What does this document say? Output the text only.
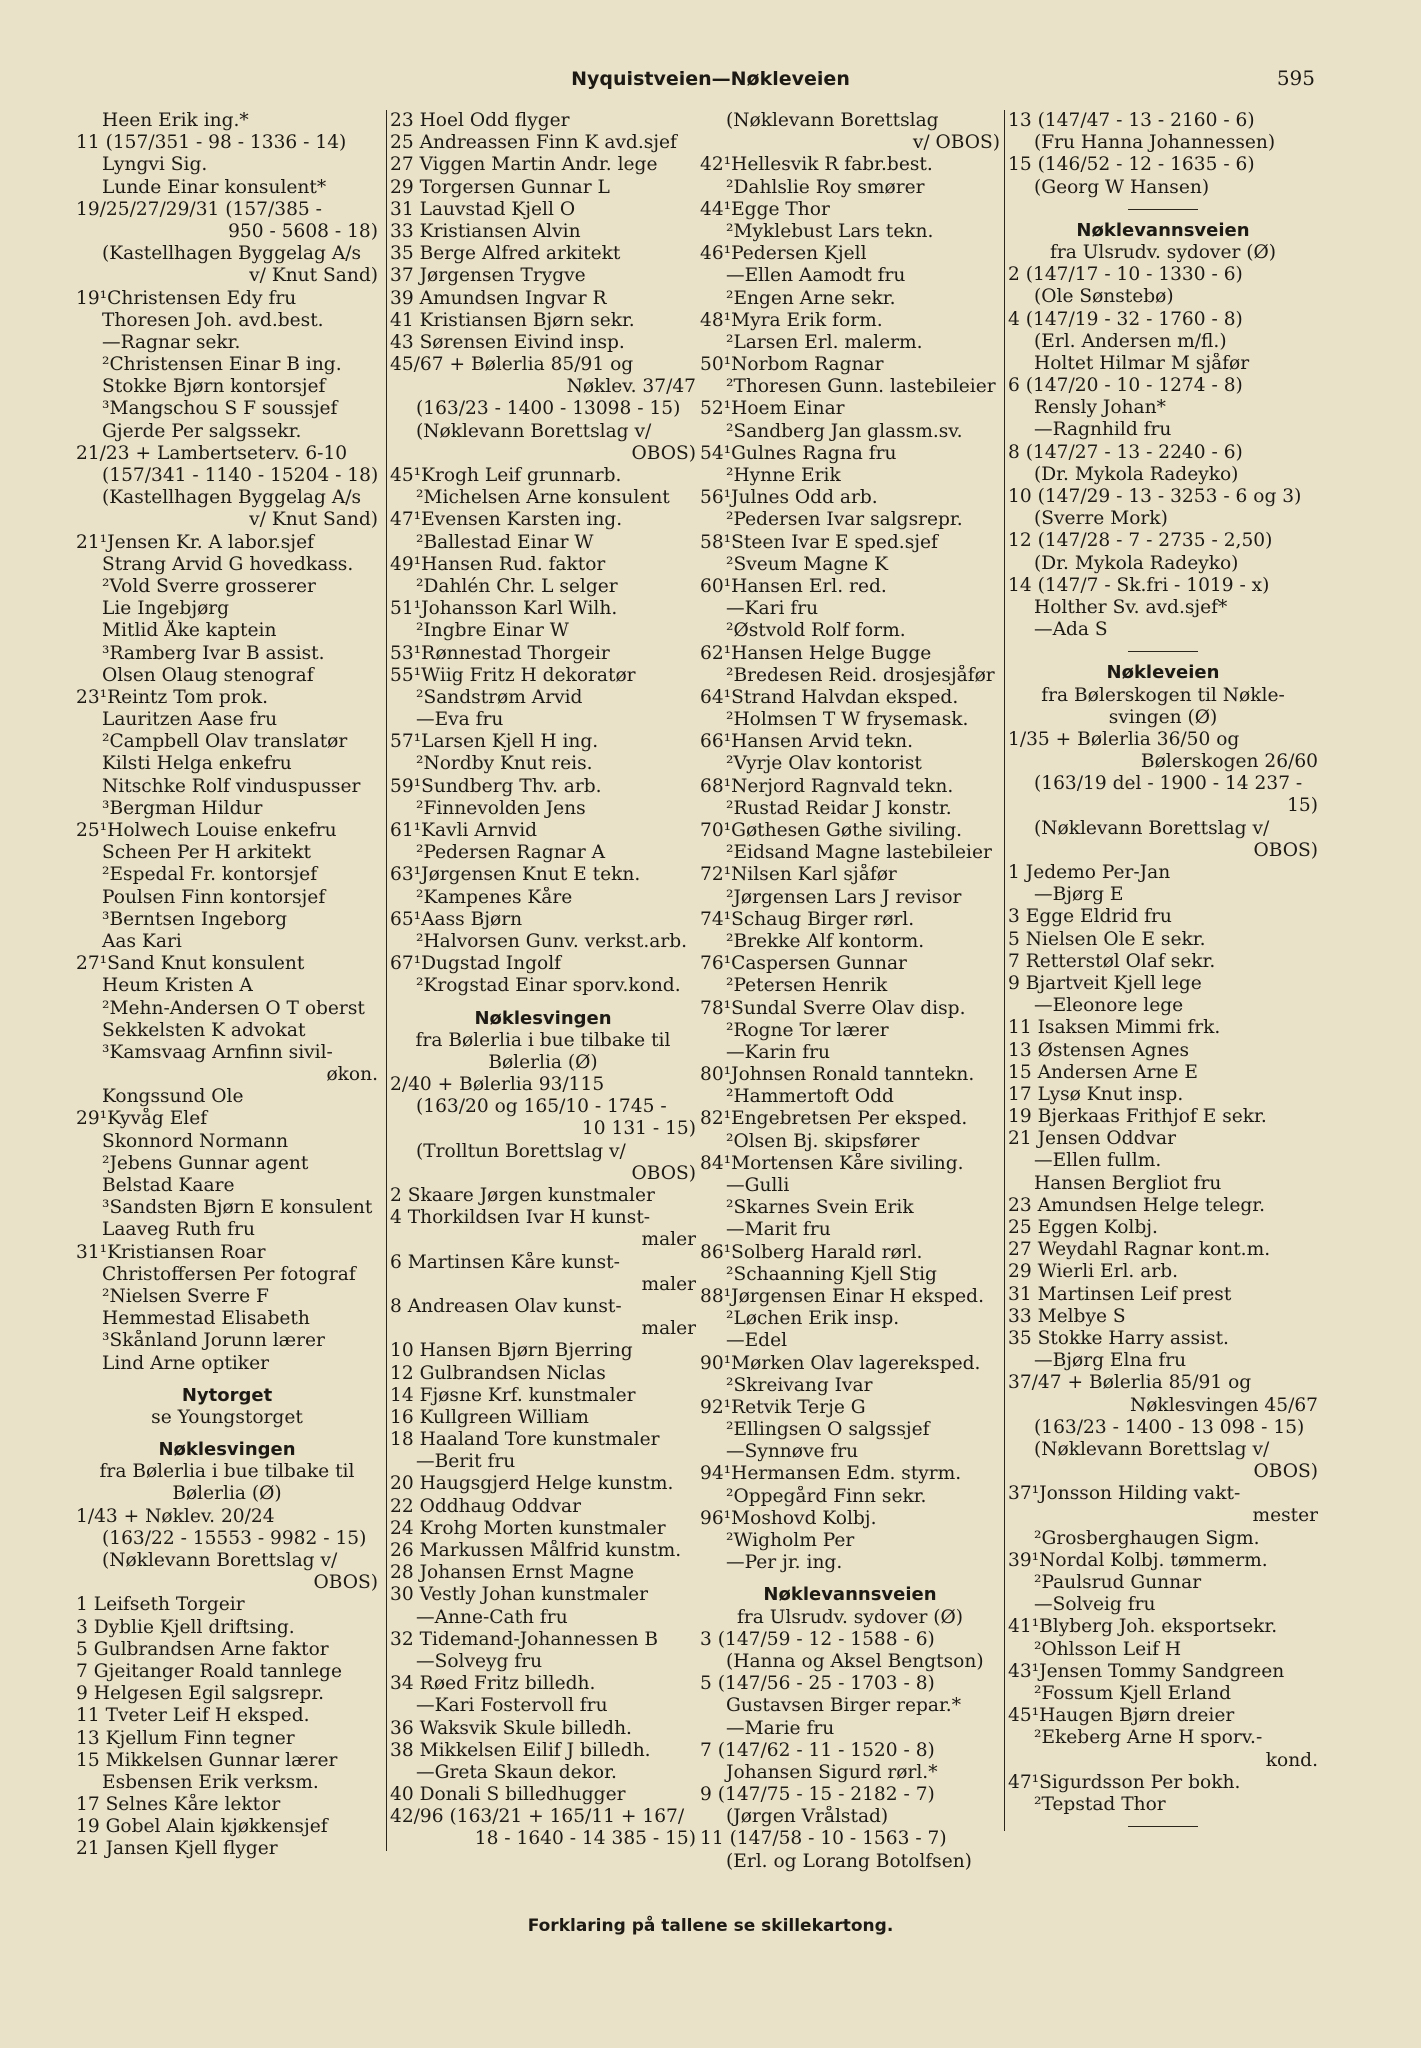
Nyquistveien—Nøkleveien	595
Heen Erik ing.*
11 (157/351 - 98 - 1336 - 14)
Lyngvi Sig.
Lunde Einar konsulent*
19/25/27/29/31 (157/385 -
950 - 5608 - 18)
(Kastellhagen Byggelag A/s
v/ Knut Sand)
19¹Christensen Edy fru
Thoresen Joh. avd.best.
—Ragnar sekr.
²Christensen Einar B ing.
Stokke Bjørn kontorsjef
³Mangschou S F soussjef
Gjerde Per salgssekr.
21/23 + Lambertseterv. 6-10
(157/341 - 1140 - 15204 - 18)
(Kastellhagen Byggelag A/s
v/ Knut Sand)
21¹Jensen Kr. A labor.sjef
Strang Arvid G hovedkass.
²Vold Sverre grosserer
Lie Ingebjørg
Mitlid Åke kaptein
³Ramberg Ivar B assist.
Olsen Olaug stenograf
23¹Reintz Tom prok.
Lauritzen Aase fru
²Campbell Olav translatør
Kilsti Helga enkefru
Nitschke Rolf vinduspusser
³Bergman Hildur
25¹Holwech Louise enkefru
Scheen Per H arkitekt
²Espedal Fr. kontorsjef
Poulsen Finn kontorsjef
³Berntsen Ingeborg
Aas Kari
27¹Sand Knut konsulent
Heum Kristen A
²Mehn-Andersen O T oberst
Sekkelsten K advokat
³Kamsvaag Arnfinn sivil-
økon.
Kongssund Ole
29¹Kyvåg Elef
Skonnord Normann
²Jebens Gunnar agent
Belstad Kaare
³Sandsten Bjørn E konsulent
Laaveg Ruth fru
31¹Kristiansen Roar
Christoffersen Per fotograf
²Nielsen Sverre F
Hemmestad Elisabeth
³Skånland Jorunn lærer
Lind Arne optiker
Nytorget
se Youngstorget
Nøklesvingen
fra Bølerlia i bue tilbake til
Bølerlia (Ø)
1/43 + Nøklev. 20/24
(163/22 - 15553 - 9982 - 15)
(Nøklevann Borettslag v/
OBOS)
1 Leifseth Torgeir
3 Dyblie Kjell driftsing.
5 Gulbrandsen Arne faktor
7 Gjeitanger Roald tannlege
9 Helgesen Egil salgsrepr.
11 Tveter Leif H eksped.
13 Kjellum Finn tegner
15 Mikkelsen Gunnar lærer
Esbensen Erik verksm.
17 Selnes Kåre lektor
19 Gobel Alain kjøkkensjef
21 Jansen Kjell flyger
23 Hoel Odd flyger
25 Andreassen Finn K avd.sjef
27 Viggen Martin Andr. lege
29 Torgersen Gunnar L
31 Lauvstad Kjell O
33 Kristiansen Alvin
35 Berge Alfred arkitekt
37 Jørgensen Trygve
39 Amundsen Ingvar R
41 Kristiansen Bjørn sekr.
43 Sørensen Eivind insp.
45/67 + Bølerlia 85/91 og
Nøklev. 37/47
(163/23 - 1400 - 13098 - 15)
(Nøklevann Borettslag v/
OBOS)
45¹Krogh Leif grunnarb.
²Michelsen Arne konsulent
47¹Evensen Karsten ing.
²Ballestad Einar W
49¹Hansen Rud. faktor
²Dahlén Chr. L selger
51¹Johansson Karl Wilh.
²Ingbre Einar W
53¹Rønnestad Thorgeir
55¹Wiig Fritz H dekoratør
²Sandstrøm Arvid
—Eva fru
57¹Larsen Kjell H ing.
²Nordby Knut reis.
59¹Sundberg Thv. arb.
²Finnevolden Jens
61¹Kavli Arnvid
²Pedersen Ragnar A
63¹Jørgensen Knut E tekn.
²Kampenes Kåre
65¹Aass Bjørn
²Halvorsen Gunv. verkst.arb.
67¹Dugstad Ingolf
²Krogstad Einar sporv.kond.
Nøklesvingen
fra Bølerlia i bue tilbake til
Bølerlia (Ø)
2/40 + Bølerlia 93/115
(163/20 og 165/10 - 1745 -
10 131 - 15)
(Trolltun Borettslag v/
OBOS)
2 Skaare Jørgen kunstmaler
4 Thorkildsen Ivar H kunst-
maler
6 Martinsen Kåre kunst-
maler
8 Andreasen Olav kunst-
maler
10 Hansen Bjørn Bjerring
12 Gulbrandsen Niclas
14 Fjøsne Krf. kunstmaler
16 Kullgreen William
18 Haaland Tore kunstmaler
—Berit fru
20 Haugsgjerd Helge kunstm.
22 Oddhaug Oddvar
24 Krohg Morten kunstmaler
26 Markussen Målfrid kunstm.
28 Johansen Ernst Magne
30 Vestly Johan kunstmaler
—Anne-Cath fru
32 Tidemand-Johannessen B
—Solveyg fru
34 Røed Fritz billedh.
—Kari Fostervoll fru
36 Waksvik Skule billedh.
38 Mikkelsen Eilif J billedh.
—Greta Skaun dekor.
40 Donali S billedhugger
42/96 (163/21 + 165/11 + 167/
18 - 1640 - 14 385 - 15)
(Nøklevann Borettslag
v/ OBOS)
42¹Hellesvik R fabr.best.
²Dahlslie Roy smører
44¹Egge Thor
²Myklebust Lars tekn.
46¹Pedersen Kjell
—Ellen Aamodt fru
²Engen Arne sekr.
48¹Myra Erik form.
²Larsen Erl. malerm.
50¹Norbom Ragnar
²Thoresen Gunn. lastebileier
52¹Hoem Einar
²Sandberg Jan glassm.sv.
54¹Gulnes Ragna fru
²Hynne Erik
56¹Julnes Odd arb.
²Pedersen Ivar salgsrepr.
58¹Steen Ivar E sped.sjef
²Sveum Magne K
60¹Hansen Erl. red.
—Kari fru
²Østvold Rolf form.
62¹Hansen Helge Bugge
²Bredesen Reid. drosjesjåfør
64¹Strand Halvdan eksped.
²Holmsen T W frysemask.
66¹Hansen Arvid tekn.
²Vyrje Olav kontorist
68¹Nerjord Ragnvald tekn.
²Rustad Reidar J konstr.
70¹Gøthesen Gøthe siviling.
²Eidsand Magne lastebileier
72¹Nilsen Karl sjåfør
²Jørgensen Lars J revisor
74¹Schaug Birger rørl.
²Brekke Alf kontorm.
76¹Caspersen Gunnar
²Petersen Henrik
78¹Sundal Sverre Olav disp.
²Rogne Tor lærer
—Karin fru
80¹Johnsen Ronald tanntekn.
²Hammertoft Odd
82¹Engebretsen Per eksped.
²Olsen Bj. skipsfører
84¹Mortensen Kåre siviling.
—Gulli
²Skarnes Svein Erik
—Marit fru
86¹Solberg Harald rørl.
²Schaanning Kjell Stig
88¹Jørgensen Einar H eksped.
²Løchen Erik insp.
—Edel
90¹Mørken Olav lagereksped.
²Skreivang Ivar
92¹Retvik Terje G
²Ellingsen O salgssjef
—Synnøve fru
94¹Hermansen Edm. styrm.
²Oppegård Finn sekr.
96¹Moshovd Kolbj.
²Wigholm Per
—Per jr. ing.
Nøklevannsveien
fra Ulsrudv. sydover (Ø)
3 (147/59 - 12 - 1588 - 6)
(Hanna og Aksel Bengtson)
5 (147/56 - 25 - 1703 - 8)
Gustavsen Birger repar.*
—Marie fru
7 (147/62 - 11 - 1520 - 8)
Johansen Sigurd rørl.*
9 (147/75 - 15 - 2182 - 7)
(Jørgen Vrålstad)
11 (147/58 - 10 - 1563 - 7)
(Erl. og Lorang Botolfsen)
13 (147/47 - 13 - 2160 - 6)
(Fru Hanna Johannessen)
15 (146/52 - 12 - 1635 - 6)
(Georg W Hansen)
Nøklevannsveien
fra Ulsrudv. sydover (Ø)
2 (147/17 - 10 - 1330 - 6)
(Ole Sønstebø)
4 (147/19 - 32 - 1760 - 8)
(Erl. Andersen m/fl.)
Holtet Hilmar M sjåfør
6 (147/20 - 10 - 1274 - 8)
Rensly Johan*
—Ragnhild fru
8 (147/27 - 13 - 2240 - 6)
(Dr. Mykola Radeyko)
10 (147/29 - 13 - 3253 - 6 og 3)
(Sverre Mork)
12 (147/28 - 7 - 2735 - 2,50)
(Dr. Mykola Radeyko)
14 (147/7 - Sk.fri - 1019 - x)
Holther Sv. avd.sjef*
—Ada S
Nøkleveien
fra Bølerskogen til Nøkle-
svingen (Ø)
1/35 + Bølerlia 36/50 og
Bølerskogen 26/60
(163/19 del - 1900 - 14 237 -
15)
(Nøklevann Borettslag v/
OBOS)
1 Jedemo Per-Jan
—Bjørg E
3 Egge Eldrid fru
5 Nielsen Ole E sekr.
7 Retterstøl Olaf sekr.
9 Bjartveit Kjell lege
—Eleonore lege
11 Isaksen Mimmi frk.
13 Østensen Agnes
15 Andersen Arne E
17 Lysø Knut insp.
19 Bjerkaas Frithjof E sekr.
21 Jensen Oddvar
—Ellen fullm.
Hansen Bergliot fru
23 Amundsen Helge telegr.
25 Eggen Kolbj.
27 Weydahl Ragnar kont.m.
29 Wierli Erl. arb.
31 Martinsen Leif prest
33 Melbye S
35 Stokke Harry assist.
—Bjørg Elna fru
37/47 + Bølerlia 85/91 og
Nøklesvingen 45/67
(163/23 - 1400 - 13 098 - 15)
(Nøklevann Borettslag v/
OBOS)
37¹Jonsson Hilding vakt-
mester
²Grosberghaugen Sigm.
39¹Nordal Kolbj. tømmerm.
²Paulsrud Gunnar
—Solveig fru
41¹Blyberg Joh. eksportsekr.
²Ohlsson Leif H
43¹Jensen Tommy Sandgreen
²Fossum Kjell Erland
45¹Haugen Bjørn dreier
²Ekeberg Arne H sporv.-
kond.
47¹Sigurdsson Per bokh.
²Tepstad Thor
Forklaring på tallene se skillekartong.
